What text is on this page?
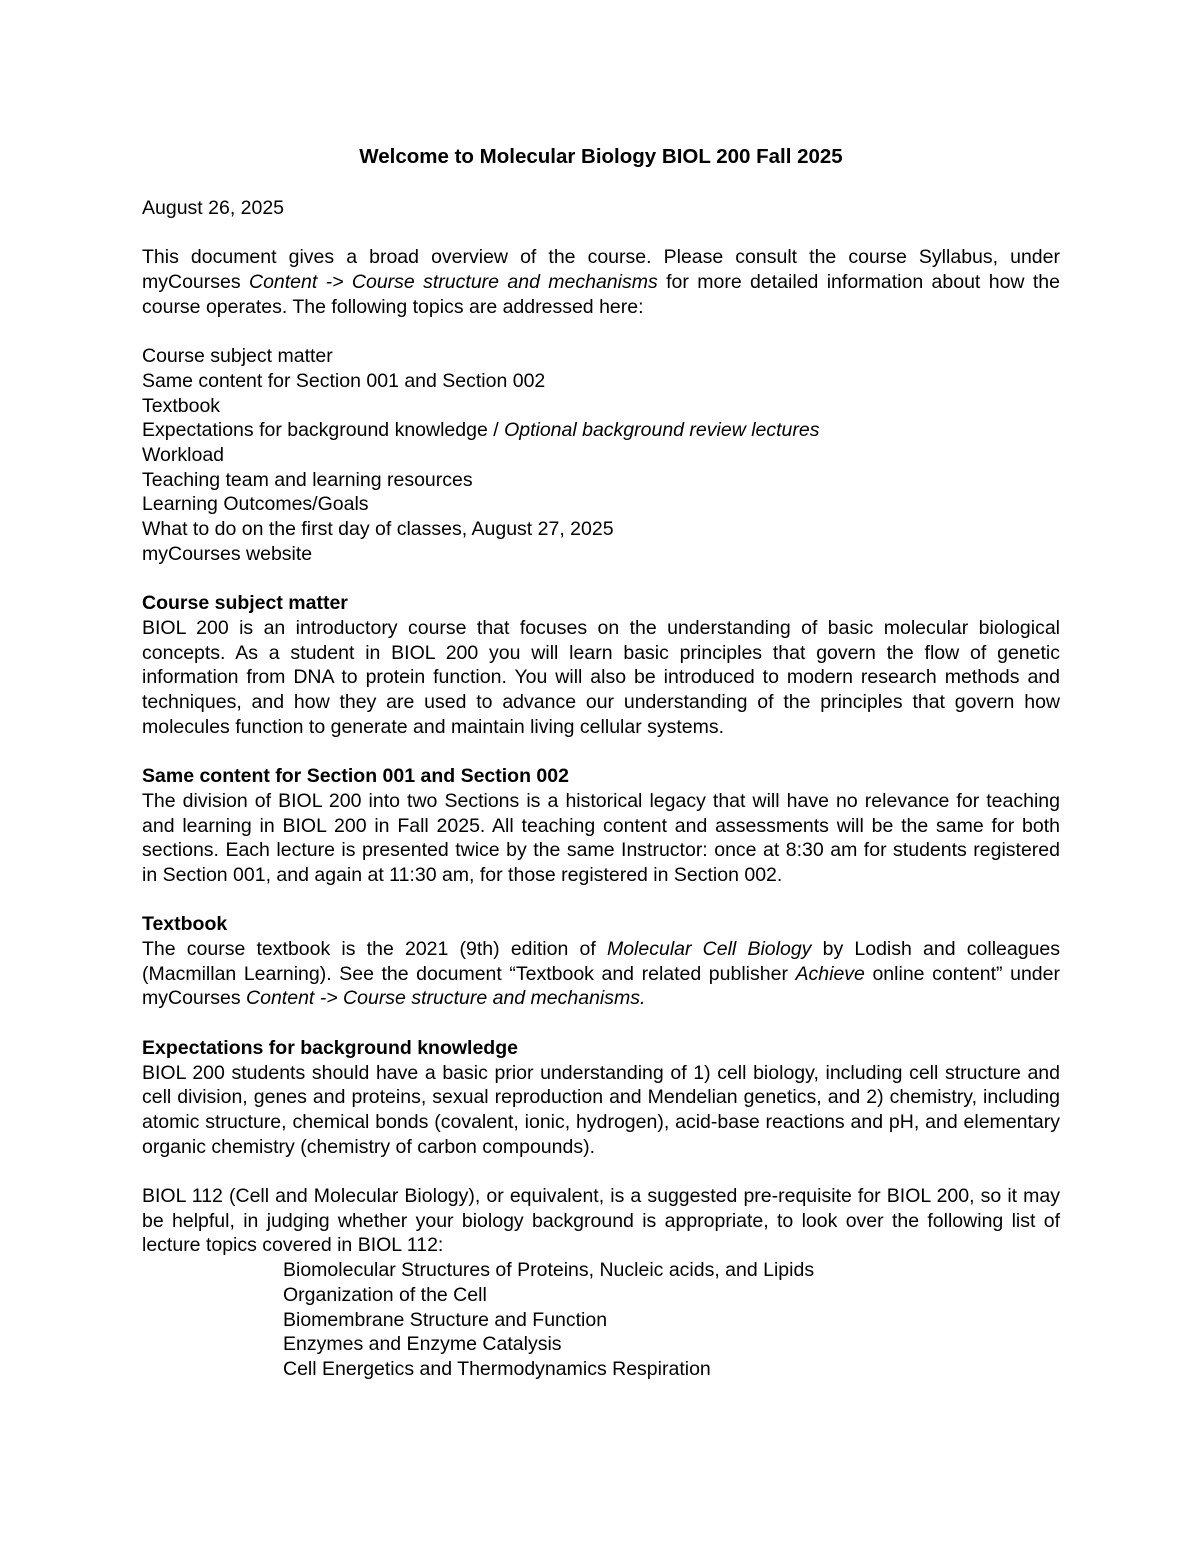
Welcome to Molecular Biology BIOL 200 Fall 2025

August 26, 2025

This document gives a broad overview of the course. Please consult the course Syllabus, under myCourses Content -> Course structure and mechanisms for more detailed information about how the course operates. The following topics are addressed here:

Course subject matter
Same content for Section 001 and Section 002
Textbook
Expectations for background knowledge / Optional background review lectures
Workload
Teaching team and learning resources
Learning Outcomes/Goals
What to do on the first day of classes, August 27, 2025
myCourses website

Course subject matter

BIOL 200 is an introductory course that focuses on the understanding of basic molecular biological concepts. As a student in BIOL 200 you will learn basic principles that govern the flow of genetic information from DNA to protein function. You will also be introduced to modern research methods and techniques, and how they are used to advance our understanding of the principles that govern how molecules function to generate and maintain living cellular systems.

Same content for Section 001 and Section 002

The division of BIOL 200 into two Sections is a historical legacy that will have no relevance for teaching and learning in BIOL 200 in Fall 2025. All teaching content and assessments will be the same for both sections. Each lecture is presented twice by the same Instructor: once at 8:30 am for students registered in Section 001, and again at 11:30 am, for those registered in Section 002.

Textbook

The course textbook is the 2021 (9th) edition of Molecular Cell Biology by Lodish and colleagues (Macmillan Learning). See the document “Textbook and related publisher Achieve online content” under myCourses Content -> Course structure and mechanisms.

Expectations for background knowledge

BIOL 200 students should have a basic prior understanding of 1) cell biology, including cell structure and cell division, genes and proteins, sexual reproduction and Mendelian genetics, and 2) chemistry, including atomic structure, chemical bonds (covalent, ionic, hydrogen), acid-base reactions and pH, and elementary organic chemistry (chemistry of carbon compounds).

BIOL 112 (Cell and Molecular Biology), or equivalent, is a suggested pre-requisite for BIOL 200, so it may be helpful, in judging whether your biology background is appropriate, to look over the following list of lecture topics covered in BIOL 112:

Biomolecular Structures of Proteins, Nucleic acids, and Lipids
Organization of the Cell
Biomembrane Structure and Function
Enzymes and Enzyme Catalysis
Cell Energetics and Thermodynamics Respiration
